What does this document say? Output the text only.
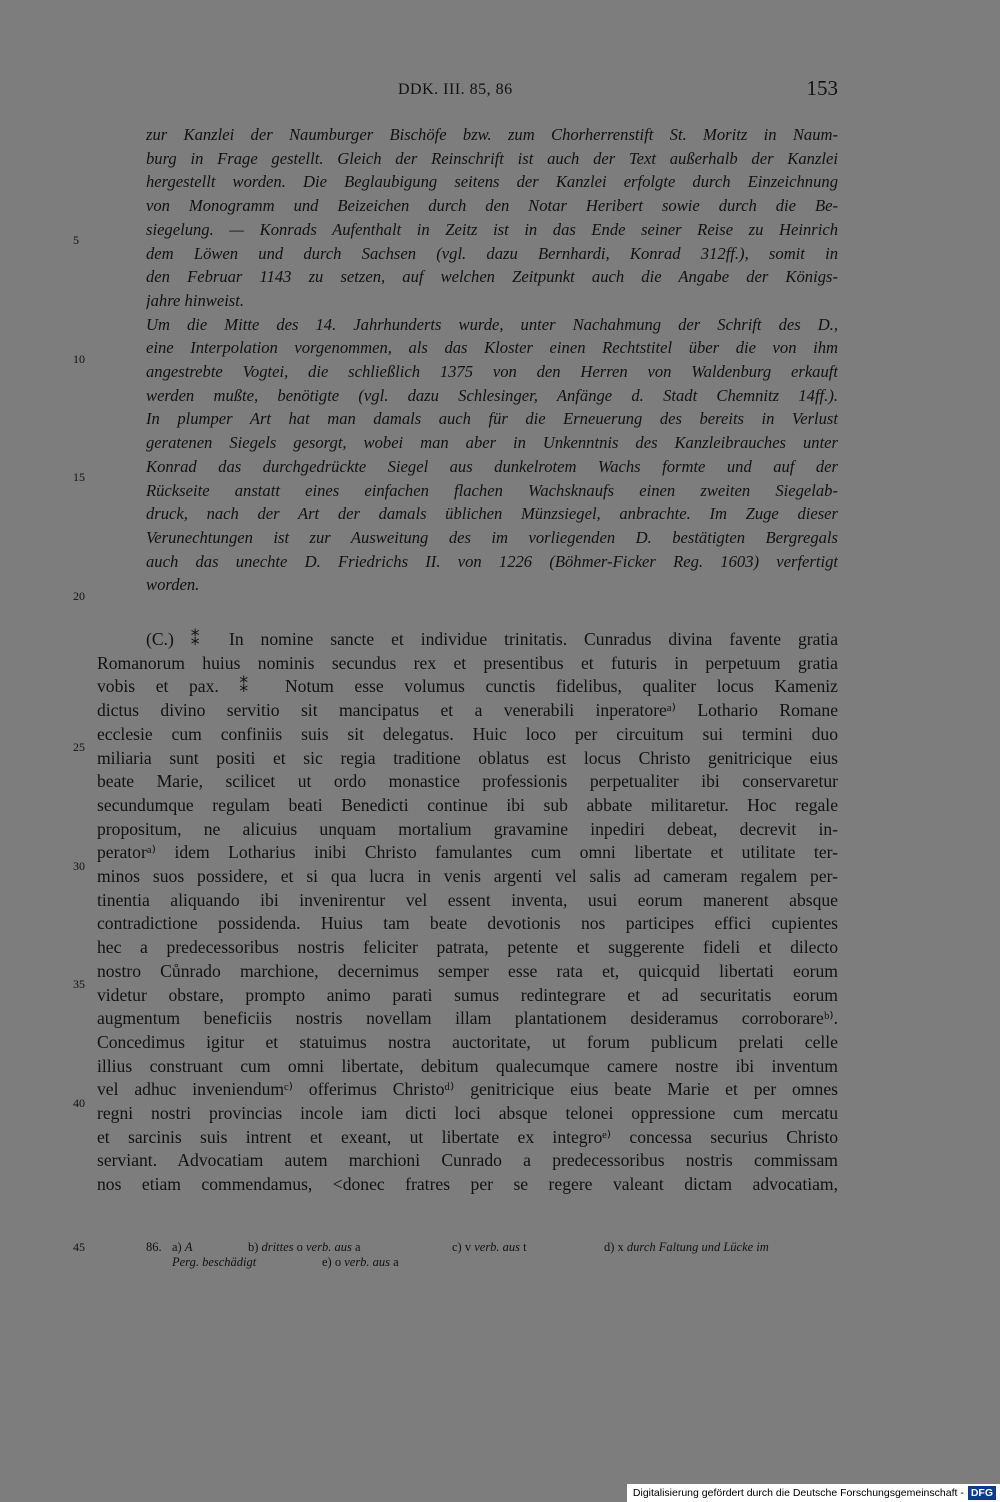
DDK. III. 85, 86	153
zur Kanzlei der Naumburger Bischöfe bzw. zum Chorherrenstift St. Moritz in Naum-
burg in Frage gestellt. Gleich der Reinschrift ist auch der Text außerhalb der Kanzlei
hergestellt worden. Die Beglaubigung seitens der Kanzlei erfolgte durch Einzeichnung
von Monogramm und Beizeichen durch den Notar Heribert sowie durch die Be-
siegelung. — Konrads Aufenthalt in Zeitz ist in das Ende seiner Reise zu Heinrich
dem Löwen und durch Sachsen (vgl. dazu Bernhardi, Konrad 312ff.), somit in
den Februar 1143 zu setzen, auf welchen Zeitpunkt auch die Angabe der Königs-
jahre hinweist.
Um die Mitte des 14. Jahrhunderts wurde, unter Nachahmung der Schrift des D.,
eine Interpolation vorgenommen, als das Kloster einen Rechtstitel über die von ihm
angestrebte Vogtei, die schließlich 1375 von den Herren von Waldenburg erkauft
werden mußte, benötigte (vgl. dazu Schlesinger, Anfänge d. Stadt Chemnitz 14ff.).
In plumper Art hat man damals auch für die Erneuerung des bereits in Verlust
geratenen Siegels gesorgt, wobei man aber in Unkenntnis des Kanzleibrauches unter
Konrad das durchgedrückte Siegel aus dunkelrotem Wachs formte und auf der
Rückseite anstatt eines einfachen flachen Wachsknaufs einen zweiten Siegelab-
druck, nach der Art der damals üblichen Münzsiegel, anbrachte. Im Zuge dieser
Verunechtungen ist zur Ausweitung des im vorliegenden D. bestätigten Bergregals
auch das unechte D. Friedrichs II. von 1226 (Böhmer-Ficker Reg. 1603) verfertigt
worden.
(C.) ⁑ In nomine sancte et individue trinitatis. Cunradus divina favente gratia
Romanorum huius nominis secundus rex et presentibus et futuris in perpetuum gratia
vobis et pax. ⁑ Notum esse volumus cunctis fidelibus, qualiter locus Kameniz
dictus divino servitio sit mancipatus et a venerabili inperatoreᵃ⁾ Lothario Romane
ecclesie cum confiniis suis sit delegatus. Huic loco per circuitum sui termini duo
miliaria sunt positi et sic regia traditione oblatus est locus Christo genitricique eius
beate Marie, scilicet ut ordo monastice professionis perpetualiter ibi conservaretur
secundumque regulam beati Benedicti continue ibi sub abbate militaretur. Hoc regale
propositum, ne alicuius unquam mortalium gravamine inpediri debeat, decrevit in-
peratorᵃ⁾ idem Lotharius inibi Christo famulantes cum omni libertate et utilitate ter-
minos suos possidere, et si qua lucra in venis argenti vel salis ad cameram regalem per-
tinentia aliquando ibi invenirentur vel essent inventa, usui eorum manerent absque
contradictione possidenda. Huius tam beate devotionis nos participes effici cupientes
hec a predecessoribus nostris feliciter patrata, petente et suggerente fideli et dilecto
nostro Cůnrado marchione, decernimus semper esse rata et, quicquid libertati eorum
videtur obstare, prompto animo parati sumus redintegrare et ad securitatis eorum
augmentum beneficiis nostris novellam illam plantationem desideramus corroborareᵇ⁾.
Concedimus igitur et statuimus nostra auctoritate, ut forum publicum prelati celle
illius construant cum omni libertate, debitum qualecumque camere nostre ibi inventum
vel adhuc inveniendumᶜ⁾ offerimus Christoᵈ⁾ genitricique eius beate Marie et per omnes
regni nostri provincias incole iam dicti loci absque telonei oppressione cum mercatu
et sarcinis suis intrent et exeant, ut libertate ex integroᵉ⁾ concessa securius Christo
serviant. Advocatiam autem marchioni Cunrado a predecessoribus nostris commissam
nos etiam commendamus, <donec fratres per se regere valeant dictam advocatiam,
5
10
15
20
25
30
35
40
45	86. a) A	b) drittes o verb. aus a	c) v verb. aus t	d) x durch Faltung und Lücke im
Perg. beschädigt	e) o verb. aus a
Digitalisierung gefördert durch die Deutsche Forschungsgemeinschaft - DFG
